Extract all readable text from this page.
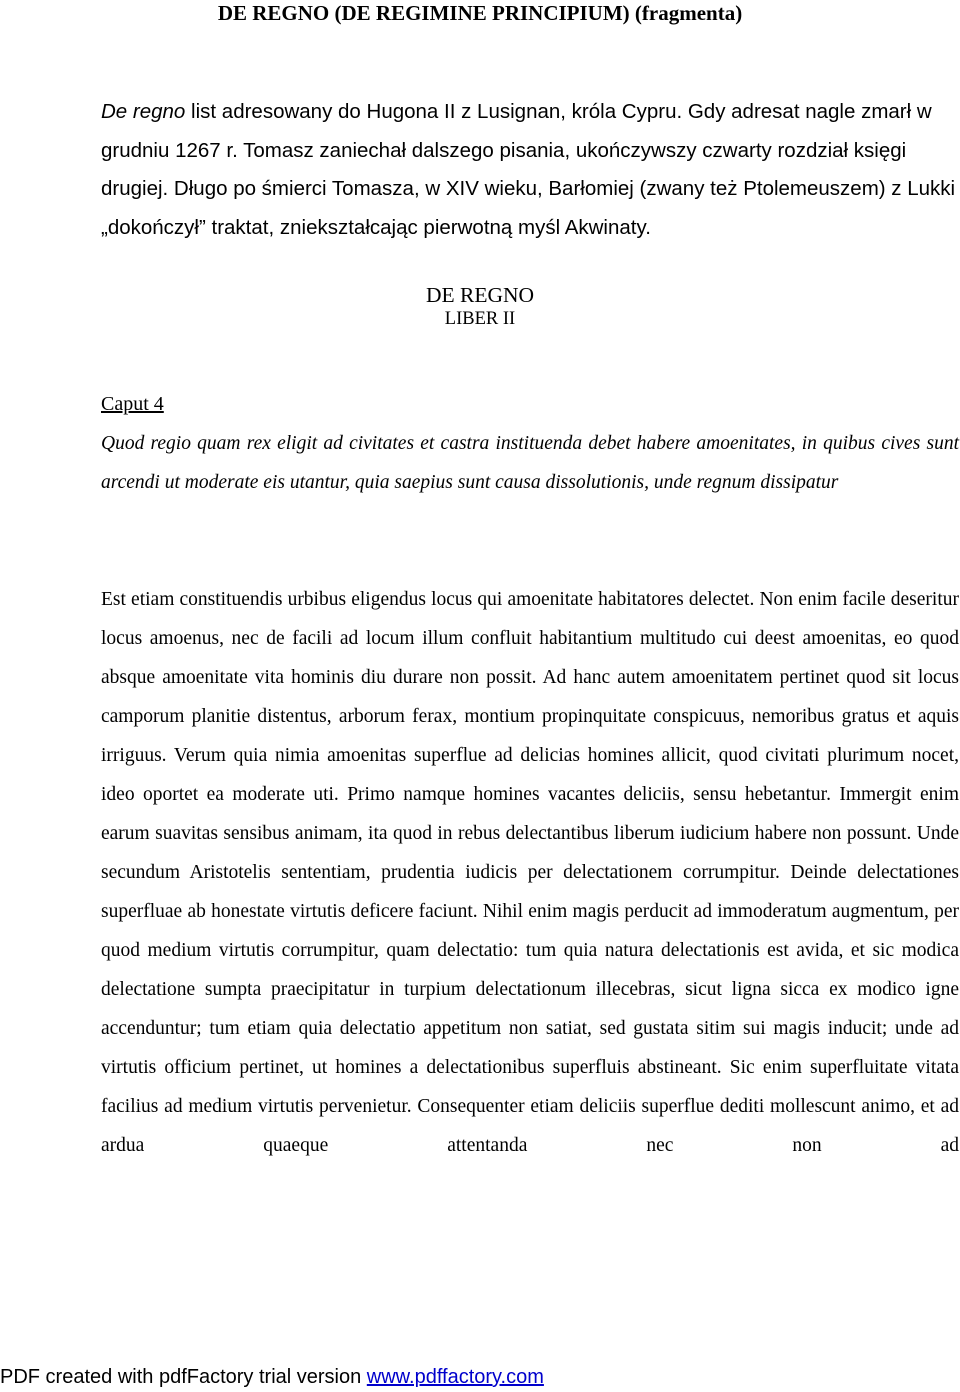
DE REGNO (DE REGIMINE PRINCIPIUM) (fragmenta)

De regno list adresowany do Hugona II z Lusignan, króla Cypru. Gdy adresat nagle zmarł w grudniu 1267 r. Tomasz zaniechał dalszego pisania, ukończywszy czwarty rozdział księgi drugiej. Długo po śmierci Tomasza, w XIV wieku, Barłomiej (zwany też Ptolemeuszem) z Lukki „dokończył” traktat, zniekształcając pierwotną myśl Akwinaty.

DE REGNO

LIBER II

Caput 4

Quod regio quam rex eligit ad civitates et castra instituenda debet habere amoenitates, in quibus cives sunt arcendi ut moderate eis utantur, quia saepius sunt causa dissolutionis, unde regnum dissipatur

Est etiam constituendis urbibus eligendus locus qui amoenitate habitatores delectet. Non enim facile deseritur locus amoenus, nec de facili ad locum illum confluit habitantium multitudo cui deest amoenitas, eo quod absque amoenitate vita hominis diu durare non possit. Ad hanc autem amoenitatem pertinet quod sit locus camporum planitie distentus, arborum ferax, montium propinquitate conspicuus, nemoribus gratus et aquis irriguus. Verum quia nimia amoenitas superflue ad delicias homines allicit, quod civitati plurimum nocet, ideo oportet ea moderate uti. Primo namque homines vacantes deliciis, sensu hebetantur. Immergit enim earum suavitas sensibus animam, ita quod in rebus delectantibus liberum iudicium habere non possunt. Unde secundum Aristotelis sententiam, prudentia iudicis per delectationem corrumpitur. Deinde delectationes superfluae ab honestate virtutis deficere faciunt. Nihil enim magis perducit ad immoderatum augmentum, per quod medium virtutis corrumpitur, quam delectatio: tum quia natura delectationis est avida, et sic modica delectatione sumpta praecipitatur in turpium delectationum illecebras, sicut ligna sicca ex modico igne accenduntur; tum etiam quia delectatio appetitum non satiat, sed gustata sitim sui magis inducit; unde ad virtutis officium pertinet, ut homines a delectationibus superfluis abstineant. Sic enim superfluitate vitata facilius ad medium virtutis pervenietur. Consequenter etiam deliciis superflue dediti mollescunt animo, et ad ardua quaeque attentanda nec non ad

PDF created with pdfFactory trial version www.pdffactory.com
